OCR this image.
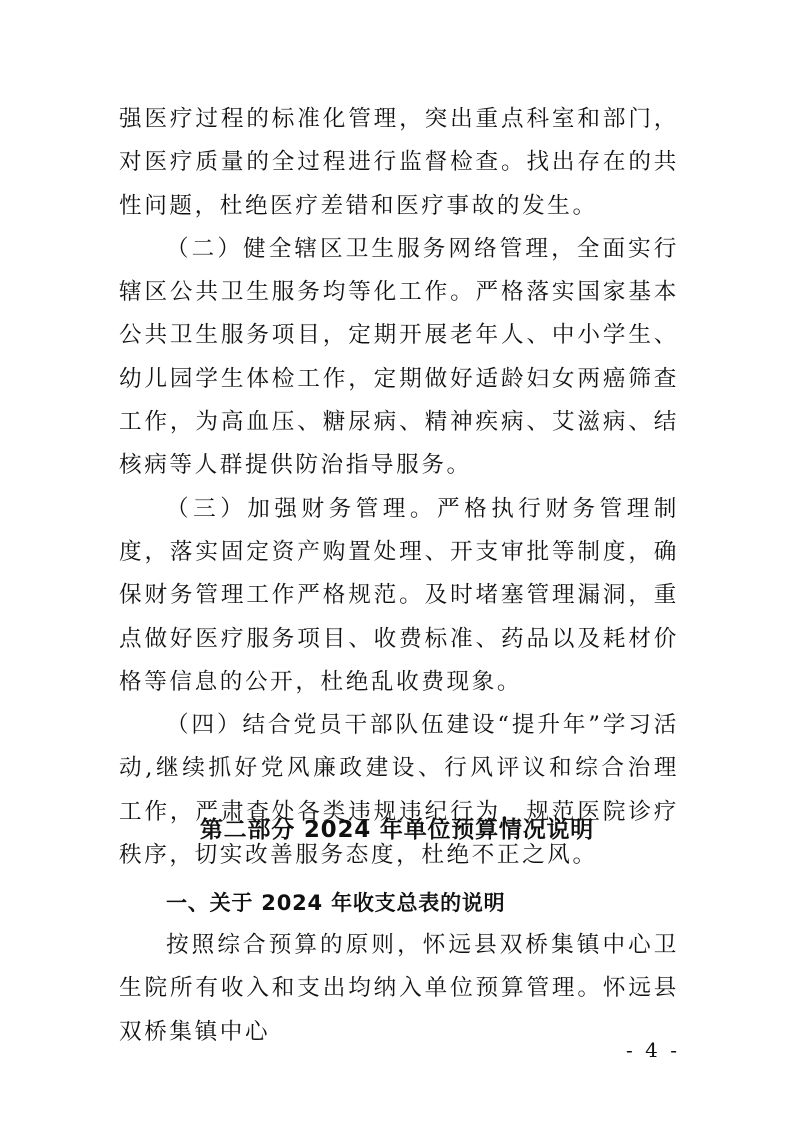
强医疗过程的标准化管理，突出重点科室和部门，对医疗质量的全过程进行监督检查。找出存在的共性问题，杜绝医疗差错和医疗事故的发生。

（二）健全辖区卫生服务网络管理，全面实行辖区公共卫生服务均等化工作。严格落实国家基本公共卫生服务项目，定期开展老年人、中小学生、幼儿园学生体检工作，定期做好适龄妇女两癌筛查工作，为高血压、糖尿病、精神疾病、艾滋病、结核病等人群提供防治指导服务。

（三）加强财务管理。严格执行财务管理制度，落实固定资产购置处理、开支审批等制度，确保财务管理工作严格规范。及时堵塞管理漏洞，重点做好医疗服务项目、收费标准、药品以及耗材价格等信息的公开，杜绝乱收费现象。

（四）结合党员干部队伍建设“提升年”学习活动,继续抓好党风廉政建设、行风评议和综合治理工作，严肃查处各类违规违纪行为，规范医院诊疗秩序，切实改善服务态度，杜绝不正之风。

第二部分 2024 年单位预算情况说明
一、关于 2024 年收支总表的说明

按照综合预算的原则，怀远县双桥集镇中心卫生院所有收入和支出均纳入单位预算管理。怀远县双桥集镇中心

- 4 -
